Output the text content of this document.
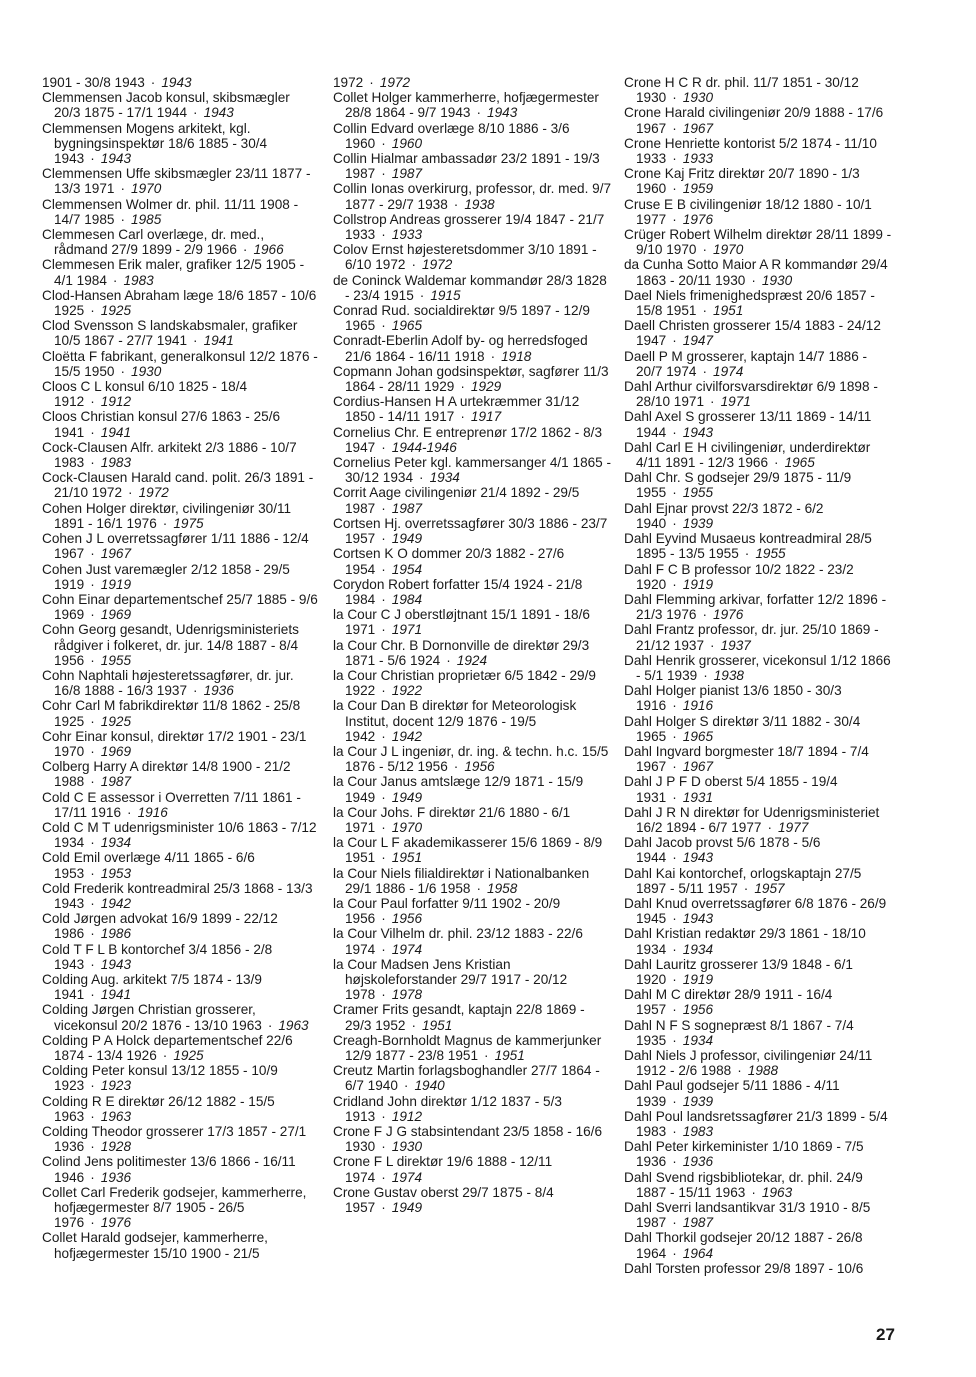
1901 - 30/8 1943 · 1943
Clemmensen Jacob konsul, skibsmægler 20/3 1875 - 17/1 1944 · 1943
Clemmensen Mogens arkitekt, kgl. bygningsinspektør 18/6 1885 - 30/4 1943 · 1943
Clemmensen Uffe skibsmægler 23/11 1877 - 13/3 1971 · 1970
Clemmensen Wolmer dr. phil. 11/11 1908 - 14/7 1985 · 1985
Clemmesen Carl overlæge, dr. med., rådmand 27/9 1899 - 2/9 1966 · 1966
Clemmesen Erik maler, grafiker 12/5 1905 - 4/1 1984 · 1983
Clod-Hansen Abraham læge 18/6 1857 - 10/6 1925 · 1925
Clod Svensson S landskabsmaler, grafiker 10/5 1867 - 27/7 1941 · 1941
Cloëtta F fabrikant, generalkonsul 12/2 1876 - 15/5 1950 · 1930
Cloos C L konsul 6/10 1825 - 18/4 1912 · 1912
Cloos Christian konsul 27/6 1863 - 25/6 1941 · 1941
Cock-Clausen Alfr. arkitekt 2/3 1886 - 10/7 1983 · 1983
Cock-Clausen Harald cand. polit. 26/3 1891 - 21/10 1972 · 1972
Cohen Holger direktør, civilingeniør 30/11 1891 - 16/1 1976 · 1975
Cohen J L overretssagfører 1/11 1886 - 12/4 1967 · 1967
Cohen Just varemægler 2/12 1858 - 29/5 1919 · 1919
Cohn Einar departementschef 25/7 1885 - 9/6 1969 · 1969
Cohn Georg gesandt, Udenrigsministeriets rådgiver i folkeret, dr. jur. 14/8 1887 - 8/4 1956 · 1955
Cohn Naphtali højesteretssagfører, dr. jur. 16/8 1888 - 16/3 1937 · 1936
Cohr Carl M fabrikdirektør 11/8 1862 - 25/8 1925 · 1925
Cohr Einar konsul, direktør 17/2 1901 - 23/1 1970 · 1969
Colberg Harry A direktør 14/8 1900 - 21/2 1988 · 1987
Cold C E assessor i Overretten 7/11 1861 - 17/11 1916 · 1916
Cold C M T udenrigsminister 10/6 1863 - 7/12 1934 · 1934
Cold Emil overlæge 4/11 1865 - 6/6 1953 · 1953
Cold Frederik kontreadmiral 25/3 1868 - 13/3 1943 · 1942
Cold Jørgen advokat 16/9 1899 - 22/12 1986 · 1986
Cold T F L B kontorchef 3/4 1856 - 2/8 1943 · 1943
Colding Aug. arkitekt 7/5 1874 - 13/9 1941 · 1941
Colding Jørgen Christian grosserer, vicekonsul 20/2 1876 - 13/10 1963 · 1963
Colding P A Holck departementschef 22/6 1874 - 13/4 1926 · 1925
Colding Peter konsul 13/12 1855 - 10/9 1923 · 1923
Colding R E direktør 26/12 1882 - 15/5 1963 · 1963
Colding Theodor grosserer 17/3 1857 - 27/1 1936 · 1928
Colind Jens politimester 13/6 1866 - 16/11 1946 · 1936
Collet Carl Frederik godsejer, kammerherre, hofjægermester 8/7 1905 - 26/5 1976 · 1976
Collet Harald godsejer, kammerherre, hofjægermester 15/10 1900 - 21/5
1972 · 1972
Collet Holger kammerherre, hofjægermester 28/8 1864 - 9/7 1943 · 1943
Collin Edvard overlæge 8/10 1886 - 3/6 1960 · 1960
Collin Hialmar ambassadør 23/2 1891 - 19/3 1987 · 1987
Collin Ionas overkirurg, professor, dr. med. 9/7 1877 - 29/7 1938 · 1938
Collstrop Andreas grosserer 19/4 1847 - 21/7 1933 · 1933
Colov Ernst højesteretsdommer 3/10 1891 - 6/10 1972 · 1972
de Coninck Waldemar kommandør 28/3 1828 - 23/4 1915 · 1915
Conrad Rud. socialdirektør 9/5 1897 - 12/9 1965 · 1965
Conradt-Eberlin Adolf by- og herredsfoged 21/6 1864 - 16/11 1918 · 1918
Copmann Johan godsinspektør, sagfører 11/3 1864 - 28/11 1929 · 1929
Cordius-Hansen H A urtekræmmer 31/12 1850 - 14/11 1917 · 1917
Cornelius Chr. E entreprenør 17/2 1862 - 8/3 1947 · 1944-1946
Cornelius Peter kgl. kammersanger 4/1 1865 - 30/12 1934 · 1934
Corrit Aage civilingeniør 21/4 1892 - 29/5 1987 · 1987
Cortsen Hj. overretssagfører 30/3 1886 - 23/7 1957 · 1949
Cortsen K O dommer 20/3 1882 - 27/6 1954 · 1954
Corydon Robert forfatter 15/4 1924 - 21/8 1984 · 1984
la Cour C J oberstløjtnant 15/1 1891 - 18/6 1971 · 1971
la Cour Chr. B Dornonville de direktør 29/3 1871 - 5/6 1924 · 1924
la Cour Christian proprietær 6/5 1842 - 29/9 1922 · 1922
la Cour Dan B direktør for Meteorologisk Institut, docent 12/9 1876 - 19/5 1942 · 1942
la Cour J L ingeniør, dr. ing. & techn. h.c. 15/5 1876 - 5/12 1956 · 1956
la Cour Janus amtslæge 12/9 1871 - 15/9 1949 · 1949
la Cour Johs. F direktør 21/6 1880 - 6/1 1971 · 1970
la Cour L F akademikasserer 15/6 1869 - 8/9 1951 · 1951
la Cour Niels filialdirektør i Nationalbanken 29/1 1886 - 1/6 1958 · 1958
la Cour Paul forfatter 9/11 1902 - 20/9 1956 · 1956
la Cour Vilhelm dr. phil. 23/12 1883 - 22/6 1974 · 1974
la Cour Madsen Jens Kristian højskoleforstander 29/7 1917 - 20/12 1978 · 1978
Cramer Frits gesandt, kaptajn 22/8 1869 - 29/3 1952 · 1951
Creagh-Bornholdt Magnus de kammerjunker 12/9 1877 - 23/8 1951 · 1951
Creutz Martin forlagsboghandler 27/7 1864 - 6/7 1940 · 1940
Cridland John direktør 1/12 1837 - 5/3 1913 · 1912
Crone F J G stabsintendant 23/5 1858 - 16/6 1930 · 1930
Crone F L direktør 19/6 1888 - 12/11 1974 · 1974
Crone Gustav oberst 29/7 1875 - 8/4 1957 · 1949
Crone H C R dr. phil. 11/7 1851 - 30/12 1930 · 1930
Crone Harald civilingeniør 20/9 1888 - 17/6 1967 · 1967
Crone Henriette kontorist 5/2 1874 - 11/10 1933 · 1933
Crone Kaj Fritz direktør 20/7 1890 - 1/3 1960 · 1959
Cruse E B civilingeniør 18/12 1880 - 10/1 1977 · 1976
Crüger Robert Wilhelm direktør 28/11 1899 - 9/10 1970 · 1970
da Cunha Sotto Maior A R kommandør 29/4 1863 - 20/11 1930 · 1930
Dael Niels frimenighedspræst 20/6 1857 - 15/8 1951 · 1951
Daell Christen grosserer 15/4 1883 - 24/12 1947 · 1947
Daell P M grosserer, kaptajn 14/7 1886 - 20/7 1974 · 1974
Dahl Arthur civilforsvarsdirektør 6/9 1898 - 28/10 1971 · 1971
Dahl Axel S grosserer 13/11 1869 - 14/11 1944 · 1943
Dahl Carl E H civilingeniør, underdirektør 4/11 1891 - 12/3 1966 · 1965
Dahl Chr. S godsejer 29/9 1875 - 11/9 1955 · 1955
Dahl Ejnar provst 22/3 1872 - 6/2 1940 · 1939
Dahl Eyvind Musaeus kontreadmiral 28/5 1895 - 13/5 1955 · 1955
Dahl F C B professor 10/2 1822 - 23/2 1920 · 1919
Dahl Flemming arkivar, forfatter 12/2 1896 - 21/3 1976 · 1976
Dahl Frantz professor, dr. jur. 25/10 1869 - 21/12 1937 · 1937
Dahl Henrik grosserer, vicekonsul 1/12 1866 - 5/1 1939 · 1938
Dahl Holger pianist 13/6 1850 - 30/3 1916 · 1916
Dahl Holger S direktør 3/11 1882 - 30/4 1965 · 1965
Dahl Ingvard borgmester 18/7 1894 - 7/4 1967 · 1967
Dahl J P F D oberst 5/4 1855 - 19/4 1931 · 1931
Dahl J R N direktør for Udenrigsministeriet 16/2 1894 - 6/7 1977 · 1977
Dahl Jacob provst 5/6 1878 - 5/6 1944 · 1943
Dahl Kai kontorchef, orlogskaptajn 27/5 1897 - 5/11 1957 · 1957
Dahl Knud overretssagfører 6/8 1876 - 26/9 1945 · 1943
Dahl Kristian redaktør 29/3 1861 - 18/10 1934 · 1934
Dahl Lauritz grosserer 13/9 1848 - 6/1 1920 · 1919
Dahl M C direktør 28/9 1911 - 16/4 1957 · 1956
Dahl N F S sognepræst 8/1 1867 - 7/4 1935 · 1934
Dahl Niels J professor, civilingeniør 24/11 1912 - 2/6 1988 · 1988
Dahl Paul godsejer 5/11 1886 - 4/11 1939 · 1939
Dahl Poul landsretssagfører 21/3 1899 - 5/4 1983 · 1983
Dahl Peter kirkeminister 1/10 1869 - 7/5 1936 · 1936
Dahl Svend rigsbibliotekar, dr. phil. 24/9 1887 - 15/11 1963 · 1963
Dahl Sverri landsantikvar 31/3 1910 - 8/5 1987 · 1987
Dahl Thorkil godsejer 20/12 1887 - 26/8 1964 · 1964
Dahl Torsten professor 29/8 1897 - 10/6
27
